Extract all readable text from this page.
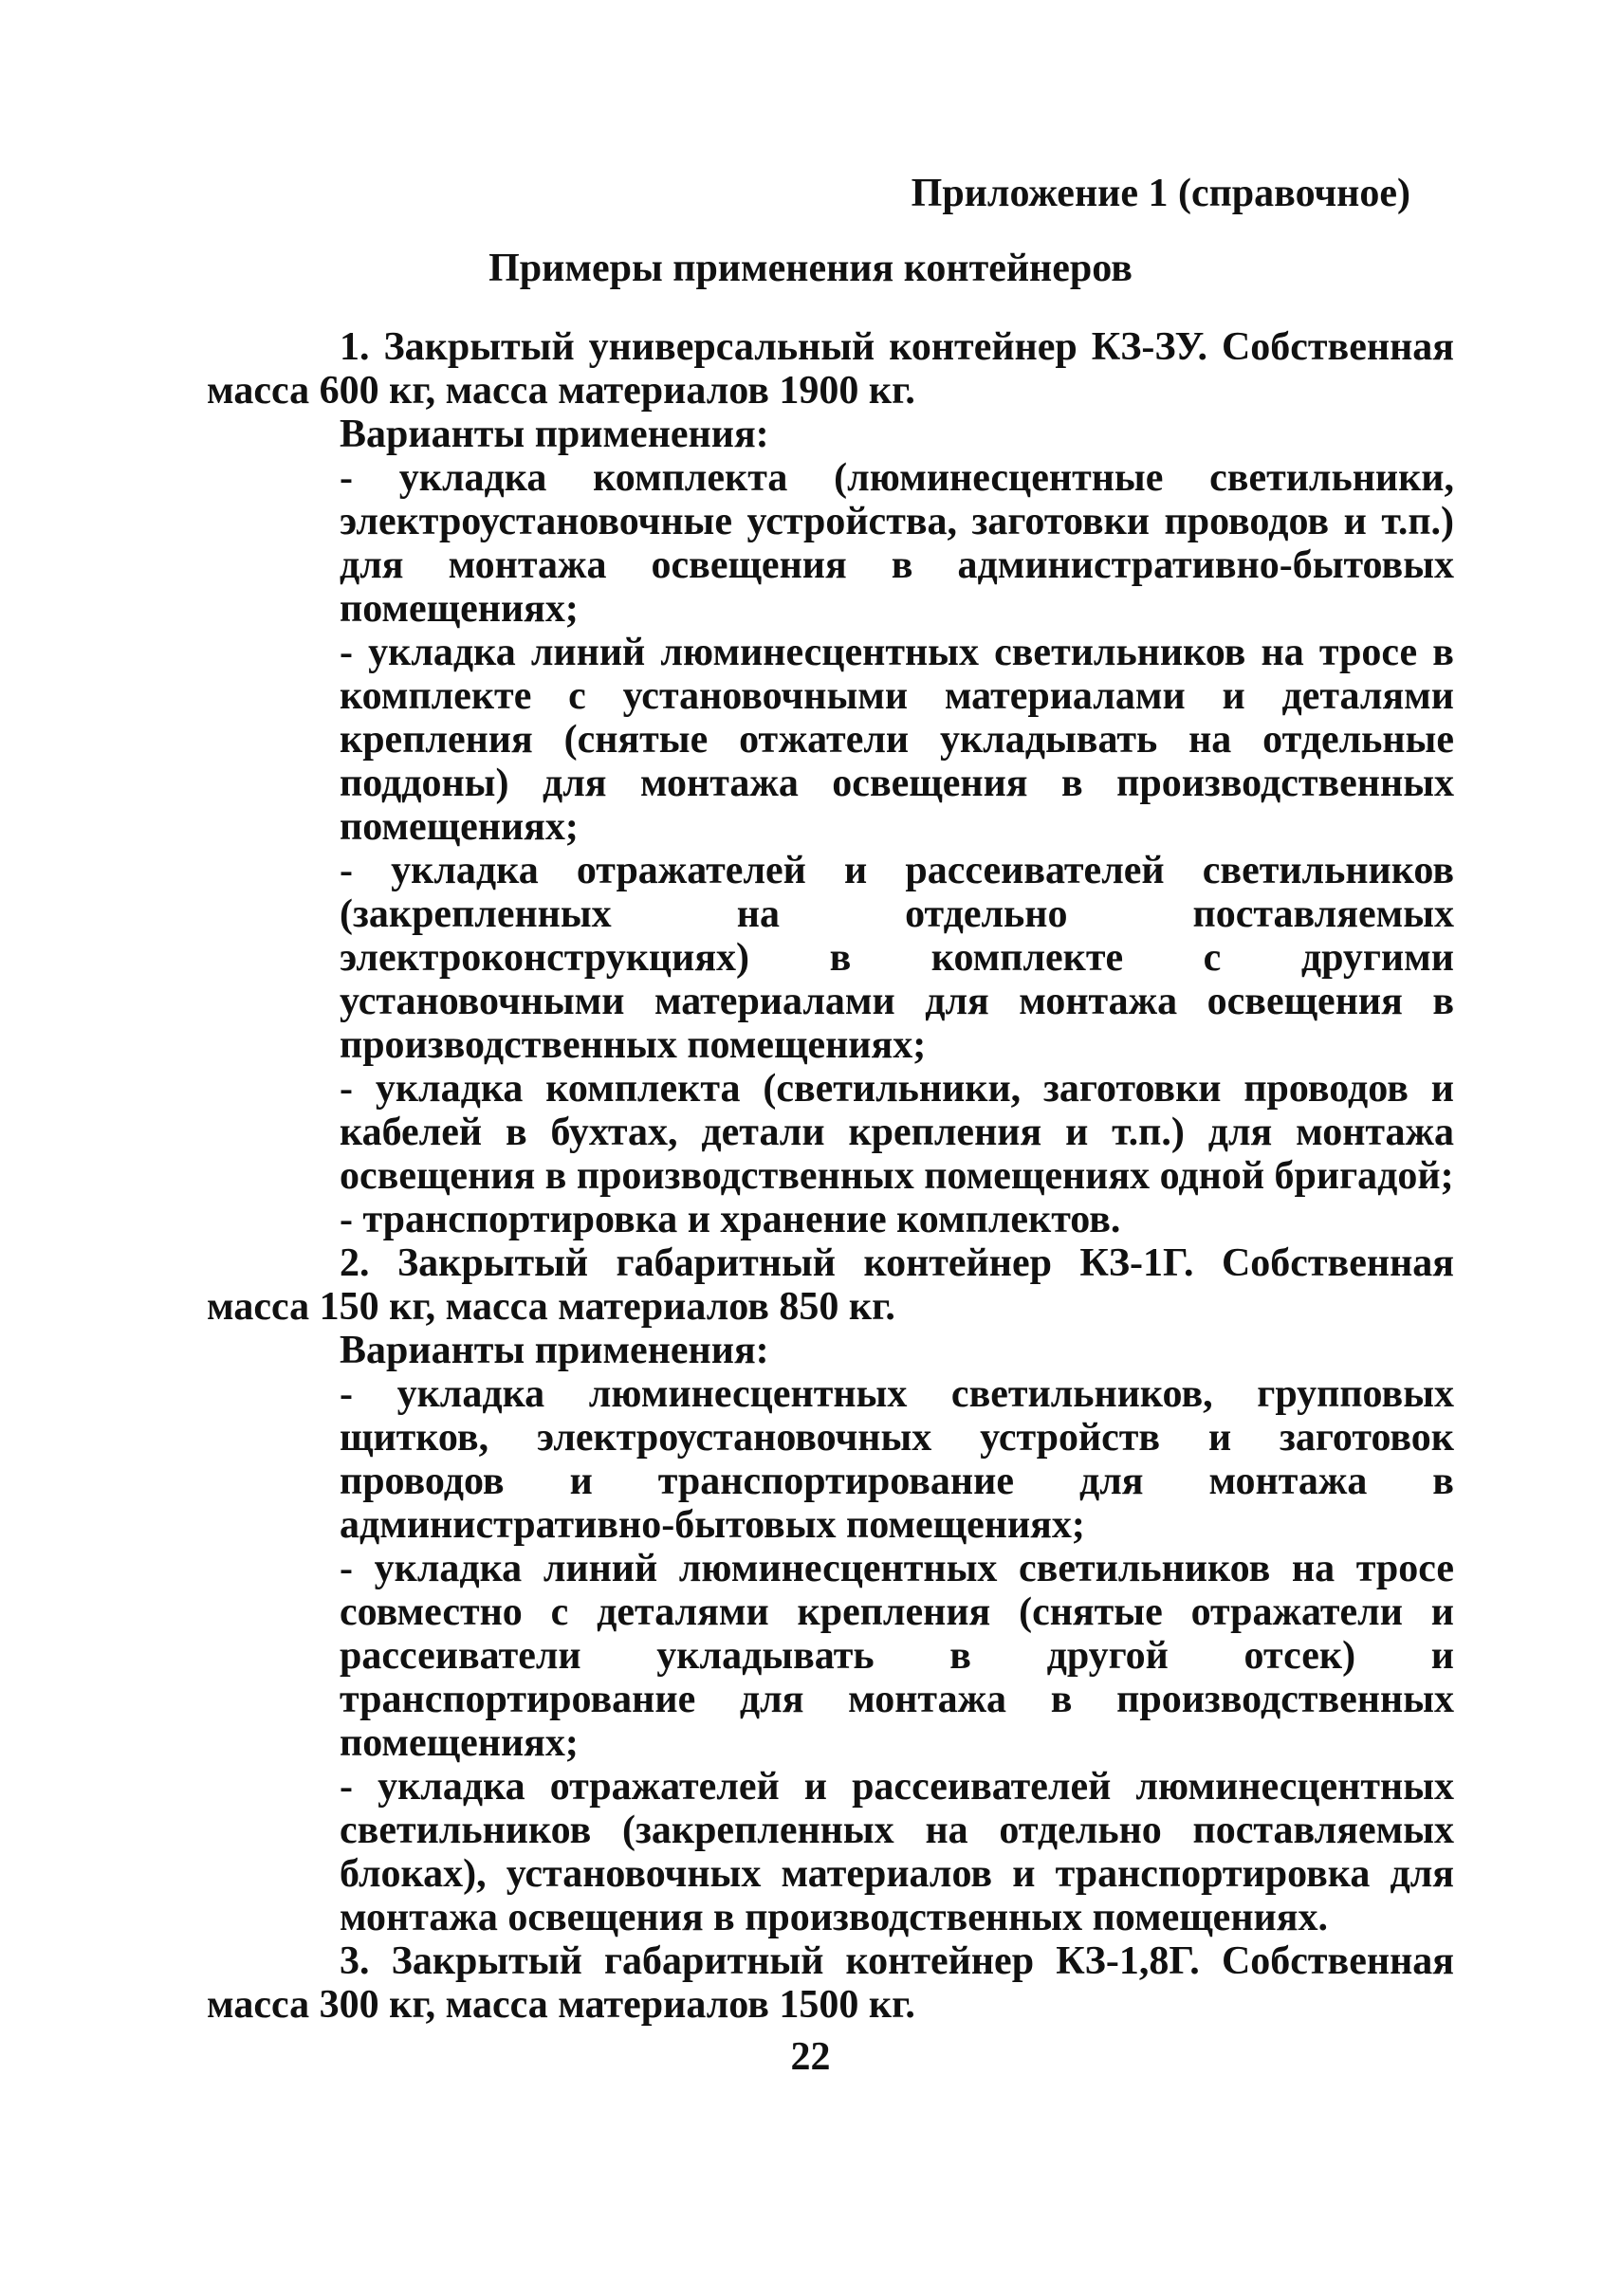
Приложение 1 (справочное)
Примеры применения контейнеров

1. Закрытый универсальный контейнер КЗ-ЗУ. Собственная масса 600 кг, масса материалов 1900 кг.

Варианты применения:

- укладка комплекта (люминесцентные светильники, электроустановочные устройства, заготовки проводов и т.п.) для монтажа освещения в административно-бытовых помещениях;

- укладка линий люминесцентных светильников на тросе в комплекте с установочными материалами и деталями крепления (снятые отжатели укладывать на отдельные поддоны) для монтажа освещения в производственных помещениях;

- укладка отражателей и рассеивателей светильников (закрепленных на отдельно поставляемых электроконструкциях) в комплекте с другими установочными материалами для монтажа освещения в производственных помещениях;

- укладка комплекта (светильники, заготовки проводов и кабелей в бухтах, детали крепления и т.п.) для монтажа освещения в производственных помещениях одной бригадой;

- транспортировка и хранение комплектов.

2. Закрытый габаритный контейнер КЗ-1Г. Собственная масса 150 кг, масса материалов 850 кг.

Варианты применения:

- укладка люминесцентных светильников, групповых щитков, электроустановочных устройств и заготовок проводов и транспортирование для монтажа в административно-бытовых помещениях;

- укладка линий люминесцентных светильников на тросе совместно с деталями крепления (снятые отражатели и рассеиватели укладывать в другой отсек) и транспортирование для монтажа в производственных помещениях;

- укладка отражателей и рассеивателей люминесцентных светильников (закрепленных на отдельно поставляемых блоках), установочных материалов и транспортировка для монтажа освещения в производственных помещениях.

3. Закрытый габаритный контейнер КЗ-1,8Г. Собственная масса 300 кг, масса материалов 1500 кг.

22
